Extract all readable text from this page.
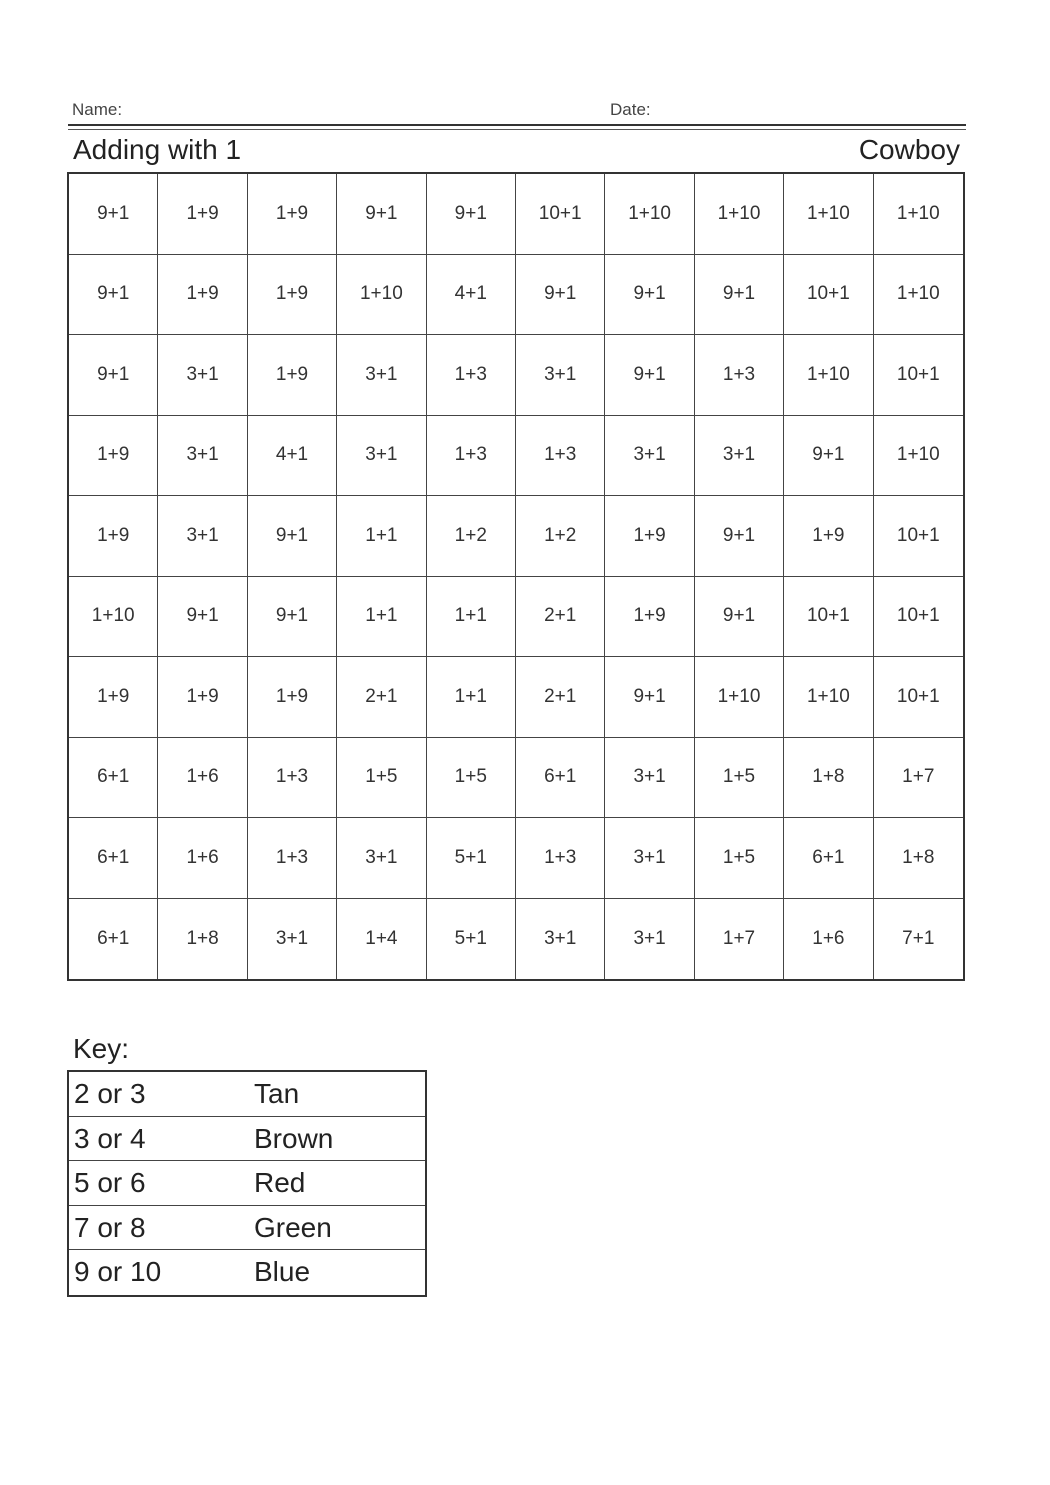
Name:	Date:
Adding with 1	Cowboy
9+1	1+9	1+9	9+1	9+1	10+1	1+10	1+10	1+10	1+10
9+1	1+9	1+9	1+10	4+1	9+1	9+1	9+1	10+1	1+10
9+1	3+1	1+9	3+1	1+3	3+1	9+1	1+3	1+10	10+1
1+9	3+1	4+1	3+1	1+3	1+3	3+1	3+1	9+1	1+10
1+9	3+1	9+1	1+1	1+2	1+2	1+9	9+1	1+9	10+1
1+10	9+1	9+1	1+1	1+1	2+1	1+9	9+1	10+1	10+1
1+9	1+9	1+9	2+1	1+1	2+1	9+1	1+10	1+10	10+1
6+1	1+6	1+3	1+5	1+5	6+1	3+1	1+5	1+8	1+7
6+1	1+6	1+3	3+1	5+1	1+3	3+1	1+5	6+1	1+8
6+1	1+8	3+1	1+4	5+1	3+1	3+1	1+7	1+6	7+1
Key:
2 or 3	Tan
3 or 4	Brown
5 or 6	Red
7 or 8	Green
9 or 10	Blue
